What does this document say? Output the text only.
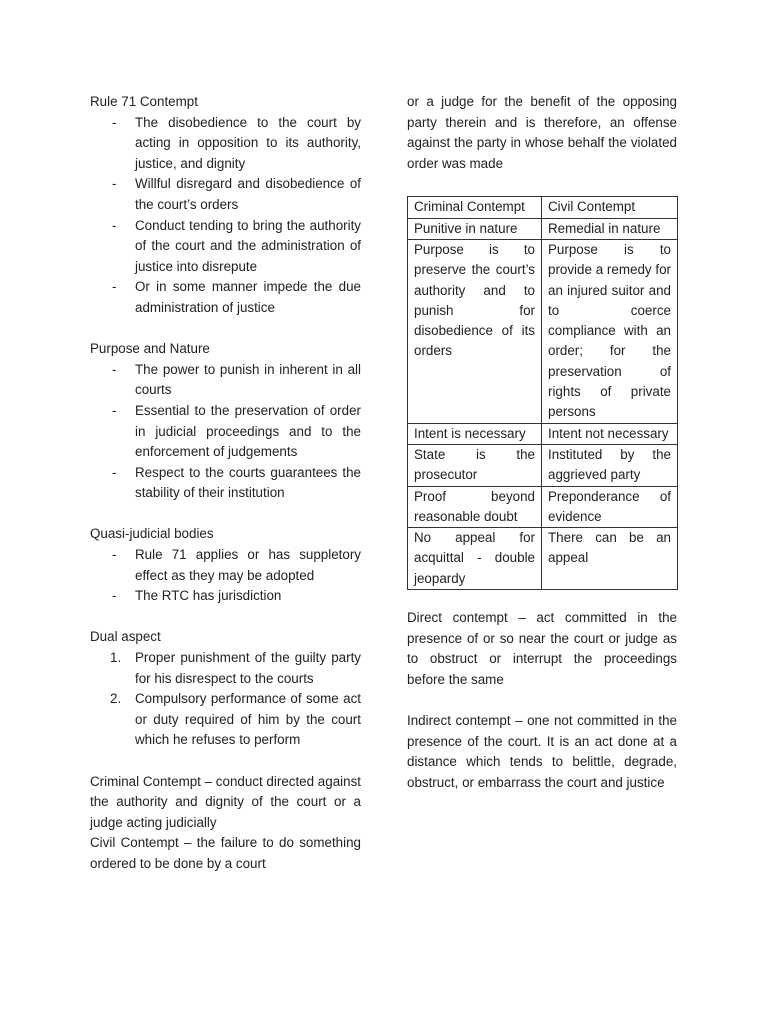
Rule 71 Contempt
- The disobedience to the court by acting in opposition to its authority, justice, and dignity
- Willful disregard and disobedience of the court’s orders
- Conduct tending to bring the authority of the court and the administration of justice into disrepute
- Or in some manner impede the due administration of justice
Purpose and Nature
- The power to punish in inherent in all courts
- Essential to the preservation of order in judicial proceedings and to the enforcement of judgements
- Respect to the courts guarantees the stability of their institution
Quasi-judicial bodies
- Rule 71 applies or has suppletory effect as they may be adopted
- The RTC has jurisdiction
Dual aspect
1. Proper punishment of the guilty party for his disrespect to the courts
2. Compulsory performance of some act or duty required of him by the court which he refuses to perform

Criminal Contempt – conduct directed against the authority and dignity of the court or a judge acting judicially

Civil Contempt – the failure to do something ordered to be done by a court

or a judge for the benefit of the opposing party therein and is therefore, an offense against the party in whose behalf the violated order was made

Criminal Contempt	Civil Contempt
Punitive in nature	Remedial in nature
Purpose is to preserve the court’s authority and to punish for disobedience of its orders	Purpose is to provide a remedy for an injured suitor and to coerce compliance with an order; for the preservation of rights of private persons
Intent is necessary	Intent not necessary
State is the prosecutor	Instituted by the aggrieved party
Proof beyond reasonable doubt	Preponderance of evidence
No appeal for acquittal - double jeopardy	There can be an appeal

Direct contempt – act committed in the presence of or so near the court or judge as to obstruct or interrupt the proceedings before the same

Indirect contempt – one not committed in the presence of the court. It is an act done at a distance which tends to belittle, degrade, obstruct, or embarrass the court and justice
